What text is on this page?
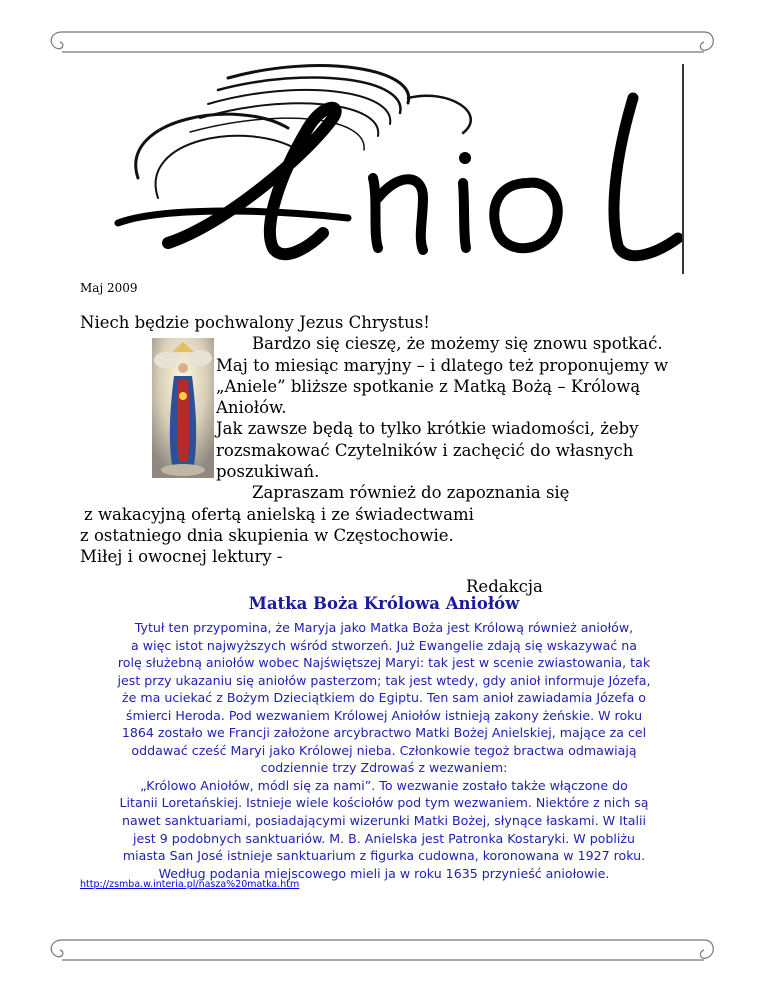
Maj 2009
Niech będzie pochwalony Jezus Chrystus!
Bardzo się cieszę, że możemy się znowu spotkać.
Maj to miesiąc maryjny – i dlatego też proponujemy w
„Aniele” bliższe spotkanie z Matką Bożą – Królową
Aniołów.
Jak zawsze będą to tylko krótkie wiadomości, żeby
rozsmakować Czytelników i zachęcić do własnych
poszukiwań.
Zapraszam również do zapoznania się
z wakacyjną ofertą anielską i ze świadectwami
z ostatniego dnia skupienia w Częstochowie.
Miłej i owocnej lektury -
Redakcja
Matka Boża Królowa Aniołów
Tytuł ten przypomina, że Maryja jako Matka Boża jest Królową również aniołów,
a więc istot najwyższych wśród stworzeń. Już Ewangelie zdają się wskazywać na
rolę służebną aniołów wobec Najświętszej Maryi: tak jest w scenie zwiastowania, tak
jest przy ukazaniu się aniołów pasterzom; tak jest wtedy, gdy anioł informuje Józefa,
że ma uciekać z Bożym Dzieciątkiem do Egiptu. Ten sam anioł zawiadamia Józefa o
śmierci Heroda. Pod wezwaniem Królowej Aniołów istnieją zakony żeńskie. W roku
1864 zostało we Francji założone arcybractwo Matki Bożej Anielskiej, mające za cel
oddawać cześć Maryi jako Królowej nieba. Członkowie tegoż bractwa odmawiają
codziennie trzy Zdrowaś z wezwaniem:
„Królowo Aniołów, módl się za nami”. To wezwanie zostało także włączone do
Litanii Loretańskiej. Istnieje wiele kościołów pod tym wezwaniem. Niektóre z nich są
nawet sanktuariami, posiadającymi wizerunki Matki Bożej, słynące łaskami. W Italii
jest 9 podobnych sanktuariów. M. B. Anielska jest Patronka Kostaryki. W pobliżu
miasta San José istnieje sanktuarium z figurka cudowna, koronowana w 1927 roku.
Według podania miejscowego mieli ja w roku 1635 przynieść aniołowie.
http://zsmba.w.interia.pl/nasza%20matka.htm
